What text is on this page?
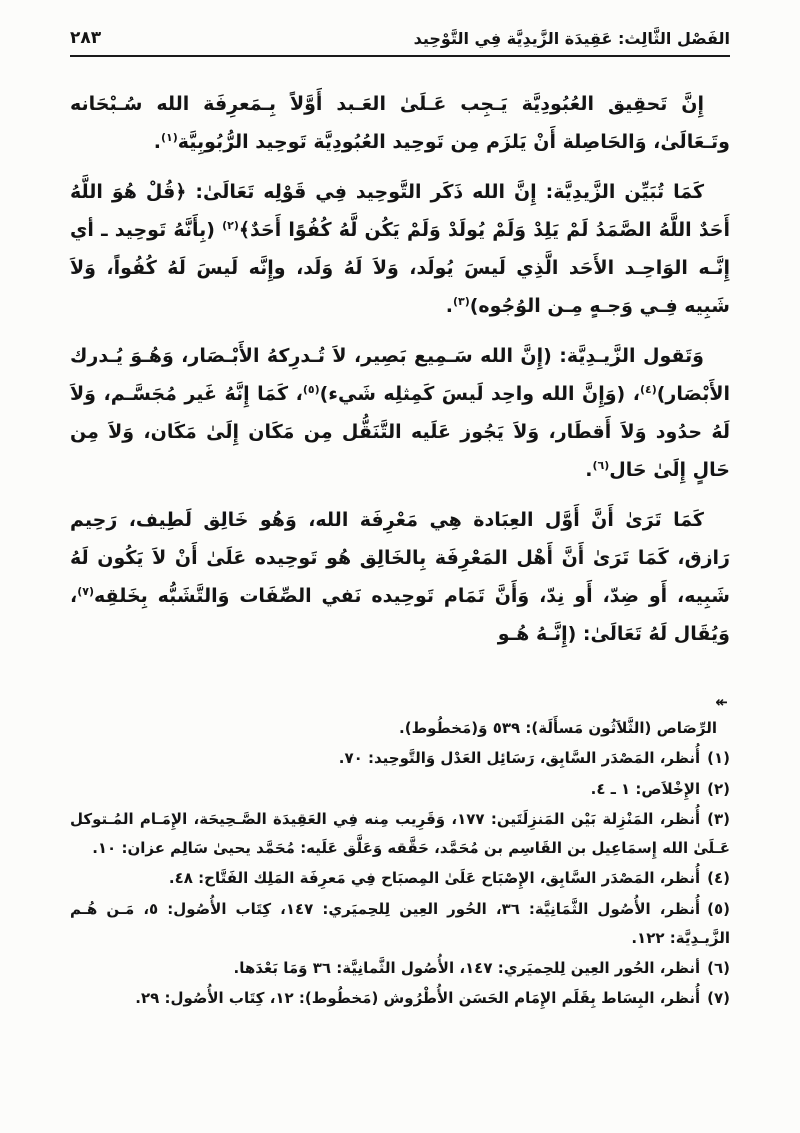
الفَصْل الثَّالِث: عَقِيدَة الزَّيدِيَّة فِي التَّوْحِيد
٢٨٣

إِنَّ تَحقِيق العُبُودِيَّة يَـجِب عَـلَىٰ العَـبد أَوَّلاً بِـمَعرِفَة الله سُـبْحَانه وتَـعَالَىٰ، وَالحَاصِلة أَنْ يَلزَم مِن تَوحِيد العُبُودِيَّة تَوحِيد الرُّبُوبِيَّة$^{(١)}$.

كَمَا تُبَيِّن الزَّيدِيَّة: إِنَّ الله ذَكَر التَّوحِيد فِي قَوْلِه تَعَالَىٰ: ﴿قُلْ هُوَ اللَّهُ أَحَدٌ اللَّهُ الصَّمَدُ لَمْ يَلِدْ وَلَمْ يُولَدْ وَلَمْ يَكُن لَّهُ كُفُوًا أَحَدٌ﴾$^{(٢)}$ (بِأَنَّهُ تَوحِيد ـ أي إِنَّـه الوَاحِـد الأَحَد الَّذِي لَيسَ يُولَد، وَلاَ لَهُ وَلَد، وإِنَّه لَيسَ لَهُ كُفُواً، وَلاَ شَبِيه فِـي وَجـهٍ مِـن الوُجُوه)$^{(٣)}$.

وَتَقول الزَّيـدِيَّة: (إِنَّ الله سَـمِيع بَصِير، لاَ تُـدرِكهُ الأَبْـصَار، وَهُـوَ يُـدرك الأَبْصَار)$^{(٤)}$، (وَإِنَّ الله واحِد لَيسَ كَمِثلِه شَيء)$^{(٥)}$، كَمَا إِنَّهُ غَير مُجَسَّـم، وَلاَ لَهُ حدُود وَلاَ أَقطَار، وَلاَ يَجُوز عَلَيه التَّنَقُّل مِن مَكَان إِلَىٰ مَكَان، وَلاَ مِن حَالٍ إِلَىٰ حَال$^{(٦)}$.

كَمَا تَرَىٰ أَنَّ أَوَّل العِبَادة هِي مَعْرِفَة الله، وَهُو خَالِق لَطِيف، رَحِيم رَازق، كَمَا تَرَىٰ أَنَّ أَهْل المَعْرِفَة بِالخَالِق هُو تَوحِيده عَلَىٰ أَنْ لاَ يَكُون لَهُ شَبِيه، أَو ضِدّ، أَو نِدّ، وَأَنَّ تَمَام تَوحِيده نَفي الصِّفَات وَالتَّشَبُّه بِخَلقِه$^{(٧)}$، وَيُقَال لَهُ تَعَالَىٰ: (إِنَّـهُ هُـو

↞

الرِّصَاص (الثَّلاَثُون مَسأَلَة): ٥٣٩ وَ(مَخطُوط).

(١)أُنظر، المَصْدَر السَّابِق، رَسَائِل العَدْل وَالتَّوحِيد: ٧٠.

(٢)الإِخْلاَص: ١ ـ ٤.

(٣)أُنظر، المَنْزِلة بَيْن المَنزِلَتَين: ١٧٧، وَقَرِيب مِنه فِي العَقِيدَة الصَّـحِيحَة، الإِمَـام المُـتوكل عَـلَىٰ الله إِسمَاعِيل بن القَاسِم بن مُحَمَّد، حَقَّقه وَعَلَّق عَلَيه: مُحَمَّد يحيىٰ سَالِم عزان: ١٠.

(٤)أُنظر، المَصْدَر السَّابِق، الإِصْبَاح عَلَىٰ المِصبَاح فِي مَعرِفَة المَلِك الفَتَّاح: ٤٨.

(٥)أُنظر، الأُصُول الثَّمَانِيَّة: ٣٦، الحُور العِين لِلحِميَري: ١٤٧، كِتَاب الأُصُول: ٥، مَـن هُـم الزَّيـدِيَّة: ١٢٢.

(٦)أنظر، الحُور العِين لِلحِميَري: ١٤٧، الأُصُول الثَّمانِيَّة: ٣٦ وَمَا بَعْدَها.

(٧)أُنظر، البِسَاط بِقَلَم الإِمَام الحَسَن الأُطْرُوش (مَخطُوط): ١٢، كِتَاب الأُصُول: ٢٩.
